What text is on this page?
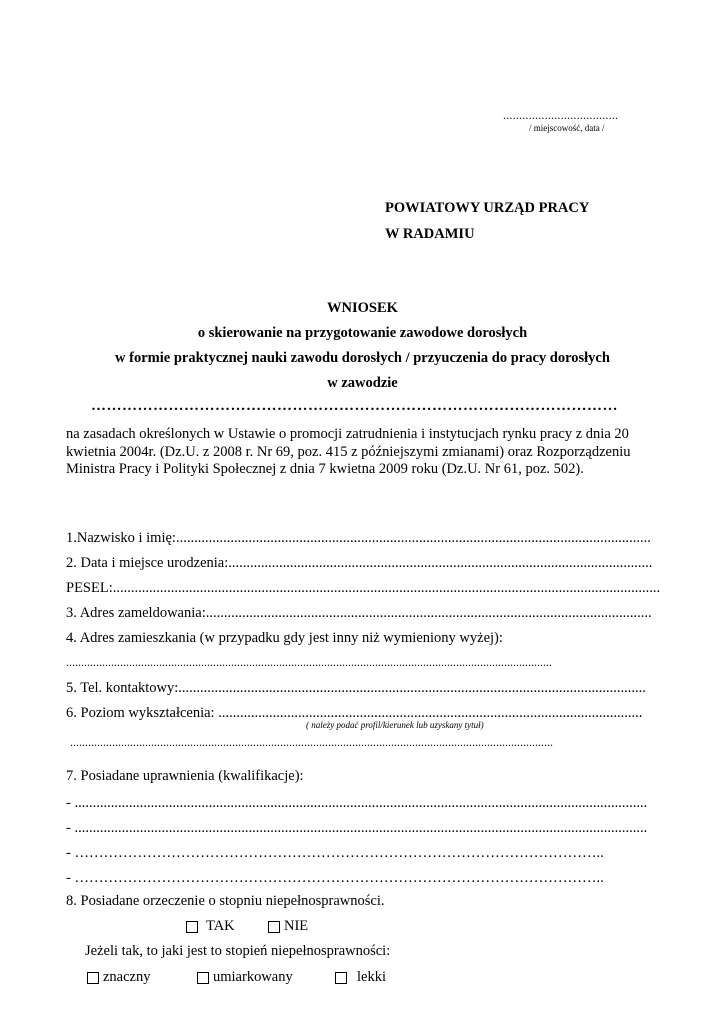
....................................
/ miejscowość, data /
POWIATOWY URZĄD PRACY
W RADAMIU
WNIOSEK
o skierowanie na przygotowanie zawodowe dorosłych
w formie praktycznej nauki zawodu dorosłych / przyuczenia do pracy dorosłych
w zawodzie
…………………………………………………………………………………………
na zasadach określonych w Ustawie o promocji zatrudnienia i instytucjach rynku pracy z dnia 20 kwietnia 2004r. (Dz.U. z 2008 r. Nr 69, poz. 415 z późniejszymi zmianami) oraz Rozporządzeniu Ministra Pracy i Polityki Społecznej z dnia 7 kwietna 2009 roku (Dz.U. Nr 61, poz. 502).
1.Nazwisko i imię:...................................................................................................................................
2. Data i miejsce urodzenia:.....................................................................................................................
PESEL:.......................................................................................................................................................
3. Adres zameldowania:...........................................................................................................................
4. Adres zamieszkania (w przypadku gdy jest inny niż wymieniony wyżej):
..................................................................................................................................................................
5. Tel. kontaktowy:.................................................................................................................................
6. Poziom wykształcenia: .....................................................................................................................
( należy podać profil/kierunek lub uzyskany tytuł)
.................................................................................................................................................................
7. Posiadane uprawnienia (kwalifikacje):
- ..............................................................................................................................................................
- ..............................................................................................................................................................
- ………………………………………………………………………………………………..
- ………………………………………………………………………………………………..
8. Posiadane orzeczenie o stopniu niepełnosprawności.
TAK	NIE
Jeżeli tak, to jaki jest to stopień niepełnosprawności:
znaczny	umiarkowany	lekki
